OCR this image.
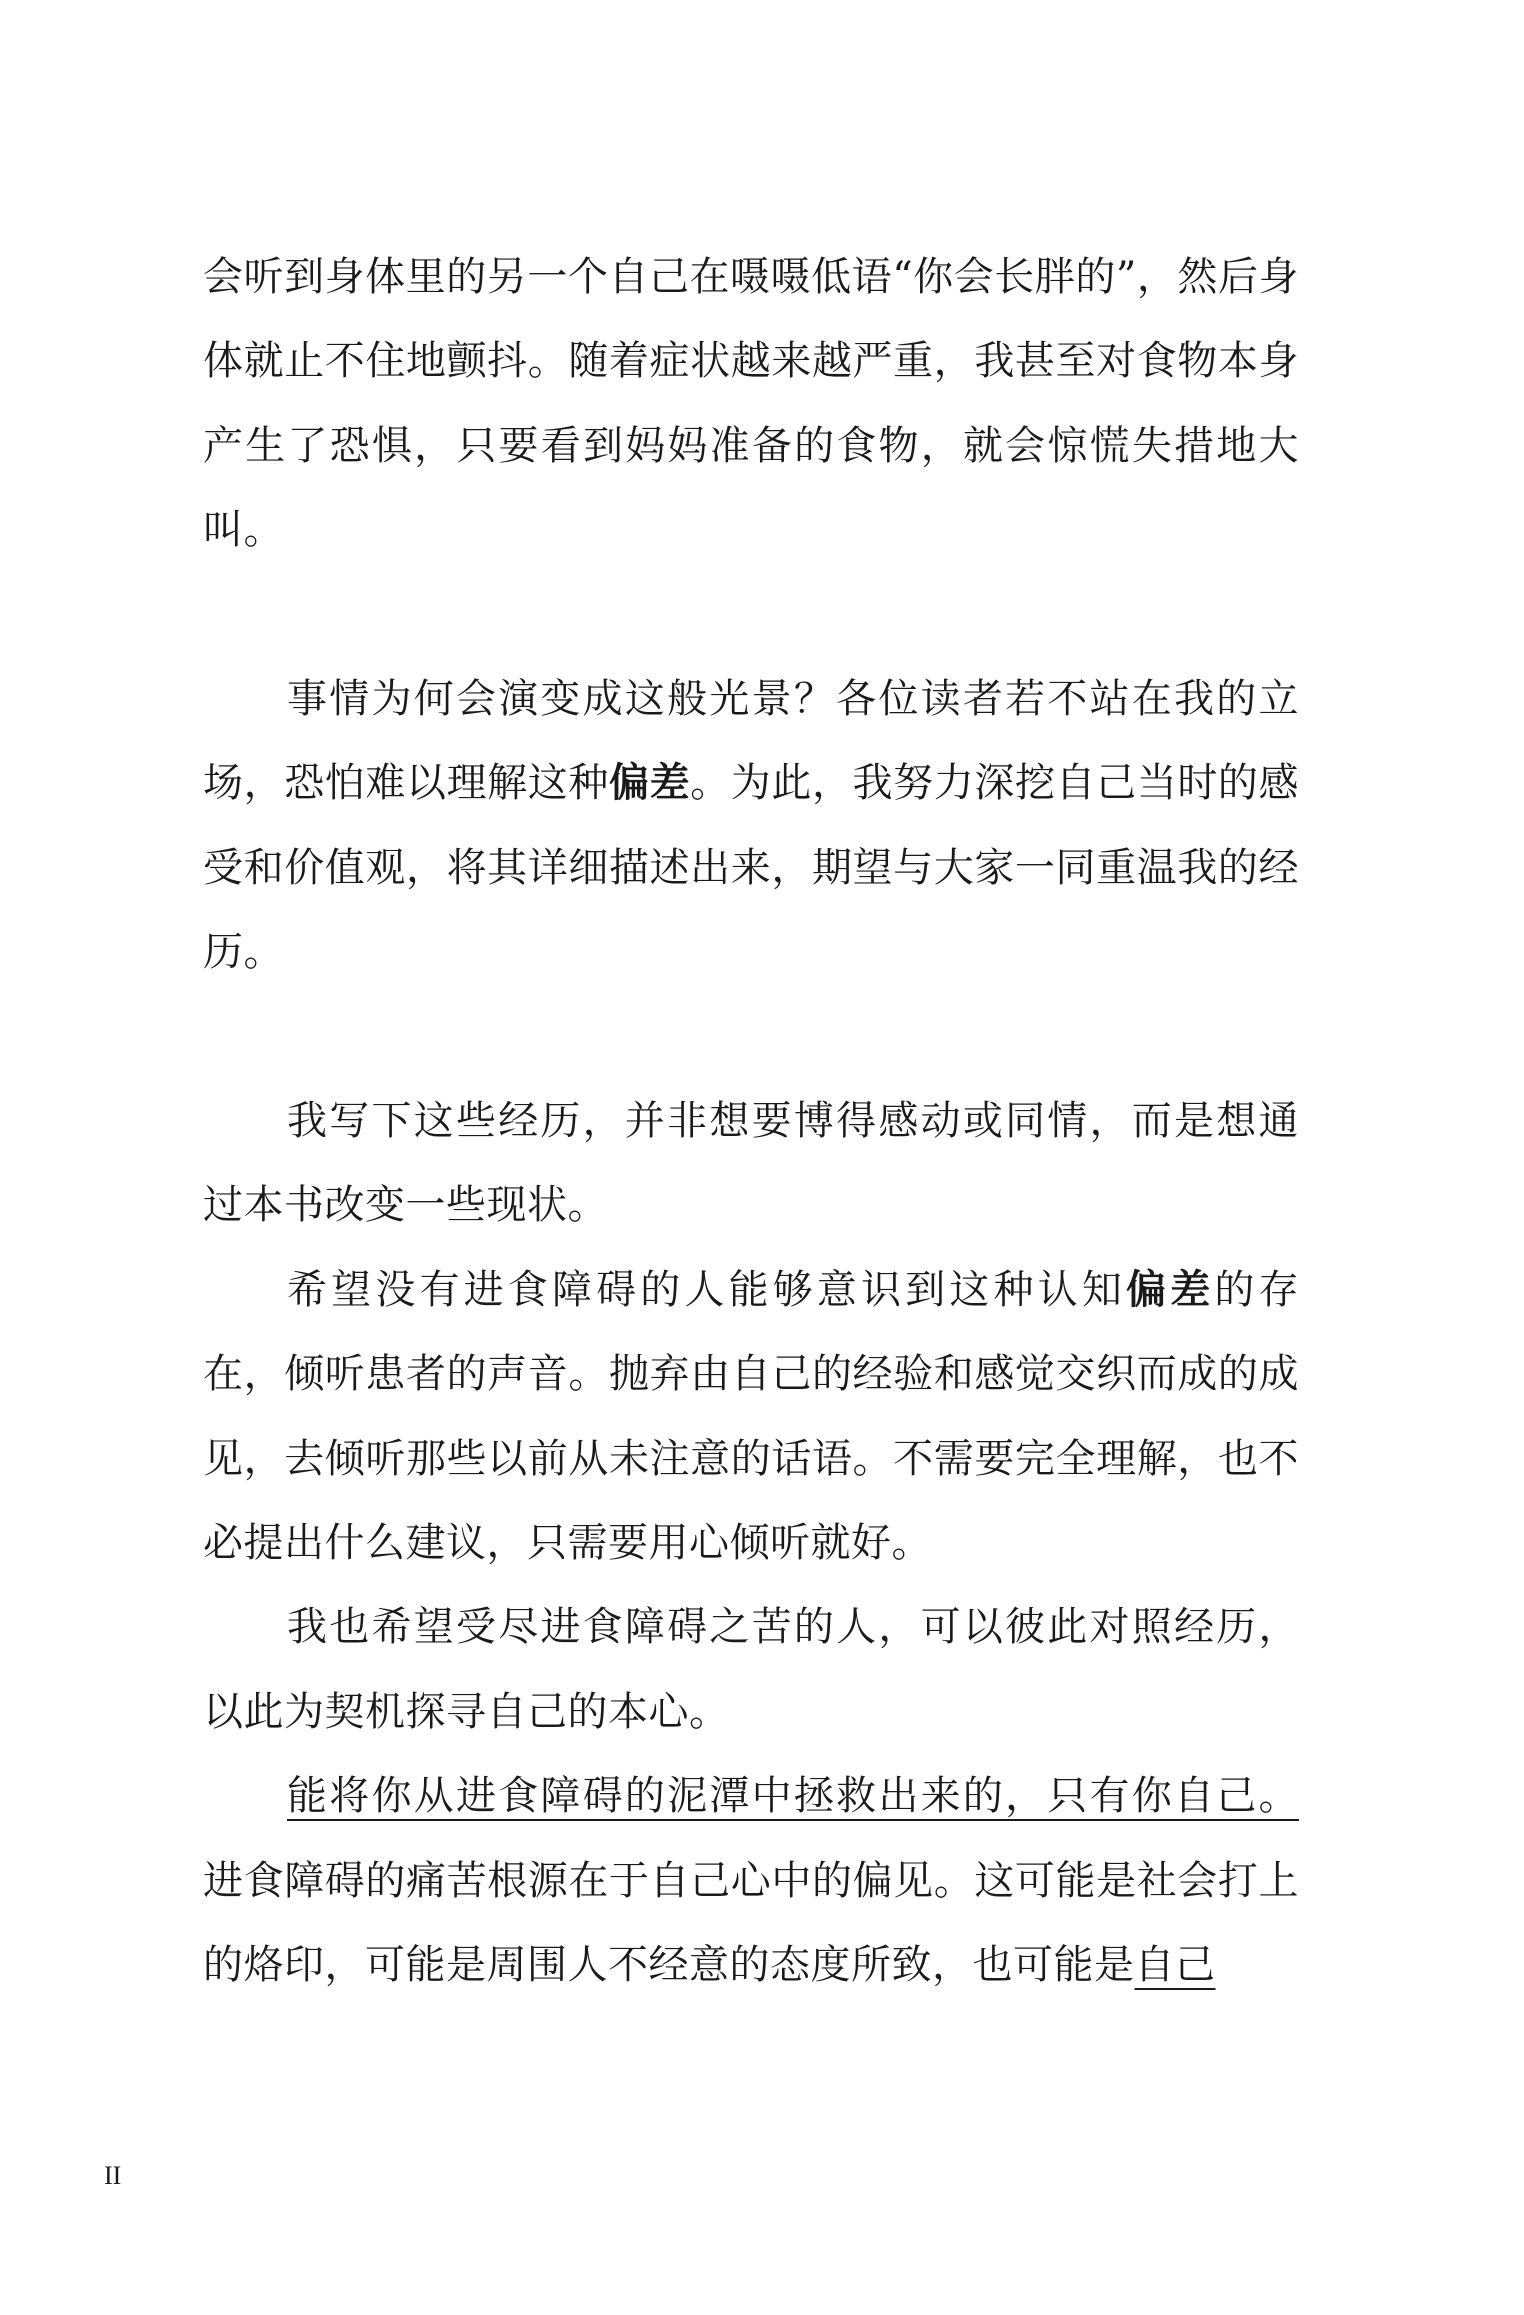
会听到身体里的另一个自己在嗫嗫低语“你会长胖的”，然后身体就止不住地颤抖。随着症状越来越严重，我甚至对食物本身产生了恐惧，只要看到妈妈准备的食物，就会惊慌失措地大叫。

事情为何会演变成这般光景？各位读者若不站在我的立场，恐怕难以理解这种偏差。为此，我努力深挖自己当时的感受和价值观，将其详细描述出来，期望与大家一同重温我的经历。

我写下这些经历，并非想要博得感动或同情，而是想通过本书改变一些现状。

希望没有进食障碍的人能够意识到这种认知偏差的存在，倾听患者的声音。抛弃由自己的经验和感觉交织而成的成见，去倾听那些以前从未注意的话语。不需要完全理解，也不必提出什么建议，只需要用心倾听就好。

我也希望受尽进食障碍之苦的人，可以彼此对照经历，以此为契机探寻自己的本心。

能将你从进食障碍的泥潭中拯救出来的，只有你自己。进食障碍的痛苦根源在于自己心中的偏见。这可能是社会打上的烙印，可能是周围人不经意的态度所致，也可能是自己

II
